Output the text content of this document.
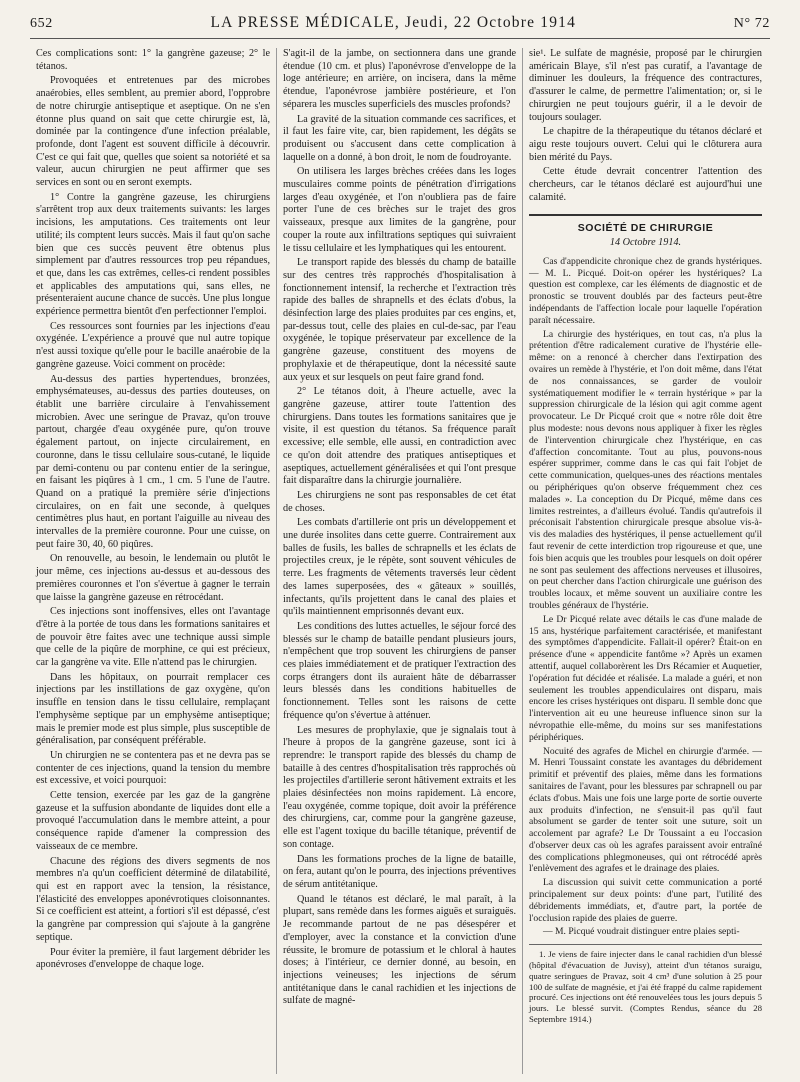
652	LA PRESSE MÉDICALE, Jeudi, 22 Octobre 1914	N° 72

Ces complications sont: 1° la gangrène gazeuse; 2° le tétanos.

Provoquées et entretenues par des microbes anaérobies, elles semblent, au premier abord, l'opprobre de notre chirurgie antiseptique et aseptique. On ne s'en étonne plus quand on sait que cette chirurgie est, là, dominée par la contingence d'une infection préalable, profonde, dont l'agent est souvent difficile à découvrir. C'est ce qui fait que, quelles que soient sa notoriété et sa valeur, aucun chirurgien ne peut affirmer que ses services en sont ou en seront exempts.

1° Contre la gangrène gazeuse, les chirurgiens s'arrêtent trop aux deux traitements suivants: les larges incisions, les amputations. Ces traitements ont leur utilité; ils comptent leurs succès. Mais il faut qu'on sache bien que ces succès peuvent être obtenus plus simplement par d'autres ressources trop peu répandues, et que, dans les cas extrêmes, celles-ci rendent possibles et applicables des amputations qui, sans elles, ne présenteraient aucune chance de succès. Une plus longue expérience permettra bientôt d'en perfectionner l'emploi.

Ces ressources sont fournies par les injections d'eau oxygénée. L'expérience a prouvé que nul autre topique n'est aussi toxique qu'elle pour le bacille anaérobie de la gangrène gazeuse. Voici comment on procède:

Au-dessus des parties hypertendues, bronzées, emphysémateuses, au-dessus des parties douteuses, on établit une barrière circulaire à l'envahissement microbien. Avec une seringue de Pravaz, qu'on trouve partout, chargée d'eau oxygénée pure, qu'on trouve également partout, on injecte circulairement, en couronne, dans le tissu cellulaire sous-cutané, le liquide par demi-contenu ou par contenu entier de la seringue, en faisant les piqûres à 1 cm., 1 cm. 5 l'une de l'autre. Quand on a pratiqué la première série d'injections circulaires, on en fait une seconde, à quelques centimètres plus haut, en portant l'aiguille au niveau des intervalles de la première couronne. Pour une cuisse, on peut faire 30, 40, 60 piqûres.

On renouvelle, au besoin, le lendemain ou plutôt le jour même, ces injections au-dessus et au-dessous des premières couronnes et l'on s'évertue à gagner le terrain que laisse la gangrène gazeuse en rétrocédant.

Ces injections sont inoffensives, elles ont l'avantage d'être à la portée de tous dans les formations sanitaires et de pouvoir être faites avec une technique aussi simple que celle de la piqûre de morphine, ce qui est précieux, car la gangrène va vite. Elle n'attend pas le chirurgien.

Dans les hôpitaux, on pourrait remplacer ces injections par les instillations de gaz oxygène, qu'on insuffle en tension dans le tissu cellulaire, remplaçant l'emphysème septique par un emphysème antiseptique; mais le premier mode est plus simple, plus susceptible de généralisation, par conséquent préférable.

Un chirurgien ne se contentera pas et ne devra pas se contenter de ces injections, quand la tension du membre est excessive, et voici pourquoi:

Cette tension, exercée par les gaz de la gangrène gazeuse et la suffusion abondante de liquides dont elle a provoqué l'accumulation dans le membre atteint, a pour conséquence rapide d'amener la compression des vaisseaux de ce membre.

Chacune des régions des divers segments de nos membres n'a qu'un coefficient déterminé de dilatabilité, qui est en rapport avec la tension, la résistance, l'élasticité des enveloppes aponévrotiques cloisonnantes. Si ce coefficient est atteint, a fortiori s'il est dépassé, c'est la gangrène par compression qui s'ajoute à la gangrène septique.

Pour éviter la première, il faut largement débrider les aponévroses d'enveloppe de chaque loge.

S'agit-il de la jambe, on sectionnera dans une grande étendue (10 cm. et plus) l'aponévrose d'enveloppe de la loge antérieure; en arrière, on incisera, dans la même étendue, l'aponévrose jambière postérieure, et l'on séparera les muscles superficiels des muscles profonds?

La gravité de la situation commande ces sacrifices, et il faut les faire vite, car, bien rapidement, les dégâts se produisent ou s'accusent dans cette complication à laquelle on a donné, à bon droit, le nom de foudroyante.

On utilisera les larges brèches créées dans les loges musculaires comme points de pénétration d'irrigations larges d'eau oxygénée, et l'on n'oubliera pas de faire porter l'une de ces brèches sur le trajet des gros vaisseaux, presque aux limites de la gangrène, pour couper la route aux infiltrations septiques qui suivraient le tissu cellulaire et les lymphatiques qui les entourent.

Le transport rapide des blessés du champ de bataille sur des centres très rapprochés d'hospitalisation à fonctionnement intensif, la recherche et l'extraction très rapide des balles de shrapnells et des éclats d'obus, la désinfection large des plaies produites par ces engins, et, par-dessus tout, celle des plaies en cul-de-sac, par l'eau oxygénée, le topique préservateur par excellence de la gangrène gazeuse, constituent des moyens de prophylaxie et de thérapeutique, dont la nécessité saute aux yeux et sur lesquels on peut faire grand fond.

2° Le tétanos doit, à l'heure actuelle, avec la gangrène gazeuse, attirer toute l'attention des chirurgiens. Dans toutes les formations sanitaires que je visite, il est question du tétanos. Sa fréquence paraît excessive; elle semble, elle aussi, en contradiction avec ce qu'on doit attendre des pratiques antiseptiques et aseptiques, actuellement généralisées et qui l'ont presque fait disparaître dans la chirurgie journalière.

Les chirurgiens ne sont pas responsables de cet état de choses.

Les combats d'artillerie ont pris un développement et une durée insolites dans cette guerre. Contrairement aux balles de fusils, les balles de schrapnells et les éclats de projectiles creux, je le répète, sont souvent véhicules de terre. Les fragments de vêtements traversés leur cèdent des lames superposées, des « gâteaux » souillés, infectants, qu'ils projettent dans le canal des plaies et qu'ils maintiennent emprisonnés devant eux.

Les conditions des luttes actuelles, le séjour forcé des blessés sur le champ de bataille pendant plusieurs jours, n'empêchent que trop souvent les chirurgiens de panser ces plaies immédiatement et de pratiquer l'extraction des corps étrangers dont ils auraient hâte de débarrasser leurs blessés dans les conditions habituelles de fonctionnement. Telles sont les raisons de cette fréquence qu'on s'évertue à atténuer.

Les mesures de prophylaxie, que je signalais tout à l'heure à propos de la gangrène gazeuse, sont ici à reprendre: le transport rapide des blessés du champ de bataille à des centres d'hospitalisation très rapprochés où les projectiles d'artillerie seront hâtivement extraits et les plaies désinfectées non moins rapidement. Là encore, l'eau oxygénée, comme topique, doit avoir la préférence des chirurgiens, car, comme pour la gangrène gazeuse, elle est l'agent toxique du bacille tétanique, préventif de son contage.

Dans les formations proches de la ligne de bataille, on fera, autant qu'on le pourra, des injections préventives de sérum antitétanique.

Quand le tétanos est déclaré, le mal paraît, à la plupart, sans remède dans les formes aiguës et suraiguës. Je recommande partout de ne pas désespérer et d'employer, avec la constance et la conviction d'une réussite, le bromure de potassium et le chloral à hautes doses; à l'intérieur, ce dernier donné, au besoin, en injections veineuses; les injections de sérum antitétanique dans le canal rachidien et les injections de sulfate de magné-

sie¹. Le sulfate de magnésie, proposé par le chirurgien américain Blaye, s'il n'est pas curatif, a l'avantage de diminuer les douleurs, la fréquence des contractures, d'assurer le calme, de permettre l'alimentation; or, si le chirurgien ne peut toujours guérir, il a le devoir de toujours soulager.

Le chapitre de la thérapeutique du tétanos déclaré et aigu reste toujours ouvert. Celui qui le clôturera aura bien mérité du Pays.

Cette étude devrait concentrer l'attention des chercheurs, car le tétanos déclaré est aujourd'hui une calamité.

SOCIÉTÉ DE CHIRURGIE
14 Octobre 1914.

Cas d'appendicite chronique chez de grands hystériques. — M. L. Picqué. Doit-on opérer les hystériques? La question est complexe, car les éléments de diagnostic et de pronostic se trouvent doublés par des facteurs peut-être indépendants de l'affection locale pour laquelle l'opération paraît nécessaire.

La chirurgie des hystériques, en tout cas, n'a plus la prétention d'être radicalement curative de l'hystérie elle-même: on a renoncé à chercher dans l'extirpation des ovaires un remède à l'hystérie, et l'on doit même, dans l'état de nos connaissances, se garder de vouloir systématiquement modifier le « terrain hystérique » par la suppression chirurgicale de la lésion qui agit comme agent provocateur. Le Dr Picqué croit que « notre rôle doit être plus modeste: nous devons nous appliquer à fixer les règles de l'intervention chirurgicale chez l'hystérique, en cas d'affection concomitante. Tout au plus, pouvons-nous espérer supprimer, comme dans le cas qui fait l'objet de cette communication, quelques-unes des réactions mentales ou périphériques qu'on observe fréquemment chez ces malades ». La conception du Dr Picqué, même dans ces limites restreintes, a d'ailleurs évolué. Tandis qu'autrefois il préconisait l'abstention chirurgicale presque absolue vis-à-vis des maladies des hystériques, il pense actuellement qu'il faut revenir de cette interdiction trop rigoureuse et que, une fois bien acquis que les troubles pour lesquels on doit opérer ne sont pas seulement des affections nerveuses et illusoires, on peut chercher dans l'action chirurgicale une guérison des troubles locaux, et même souvent un auxiliaire contre les troubles généraux de l'hystérie.

Le Dr Picqué relate avec détails le cas d'une malade de 15 ans, hystérique parfaitement caractérisée, et manifestant des symptômes d'appendicite. Fallait-il opérer? Était-on en présence d'une « appendicite fantôme »? Après un examen attentif, auquel collaborèrent les Drs Récamier et Auquetier, l'opération fut décidée et réalisée. La malade a guéri, et non seulement les troubles appendiculaires ont disparu, mais encore les crises hystériques ont disparu. Il semble donc que l'intervention ait eu une heureuse influence sinon sur la névropathie elle-même, du moins sur ses manifestations périphériques.

Nocuité des agrafes de Michel en chirurgie d'armée. — M. Henri Toussaint constate les avantages du débridement primitif et préventif des plaies, même dans les formations sanitaires de l'avant, pour les blessures par schrapnell ou par éclats d'obus. Mais une fois une large porte de sortie ouverte aux produits d'infection, ne s'ensuit-il pas qu'il faut absolument se garder de tenter soit une suture, soit un accolement par agrafe? Le Dr Toussaint a eu l'occasion d'observer deux cas où les agrafes paraissent avoir entraîné des complications phlegmoneuses, qui ont rétrocédé après l'enlèvement des agrafes et le drainage des plaies.

La discussion qui suivit cette communication a porté principalement sur deux points: d'une part, l'utilité des débridements immédiats, et, d'autre part, la portée de l'occlusion rapide des plaies de guerre.

— M. Picqué voudrait distinguer entre plaies septi-

1. Je viens de faire injecter dans le canal rachidien d'un blessé (hôpital d'évacuation de Juvisy), atteint d'un tétanos suraigu, quatre seringues de Pravaz, soit 4 cm³ d'une solution à 25 pour 100 de sulfate de magnésie, et j'ai été frappé du calme rapidement procuré. Ces injections ont été renouvelées tous les jours depuis 5 jours. Le blessé survit. (Comptes Rendus, séance du 28 Septembre 1914.)
